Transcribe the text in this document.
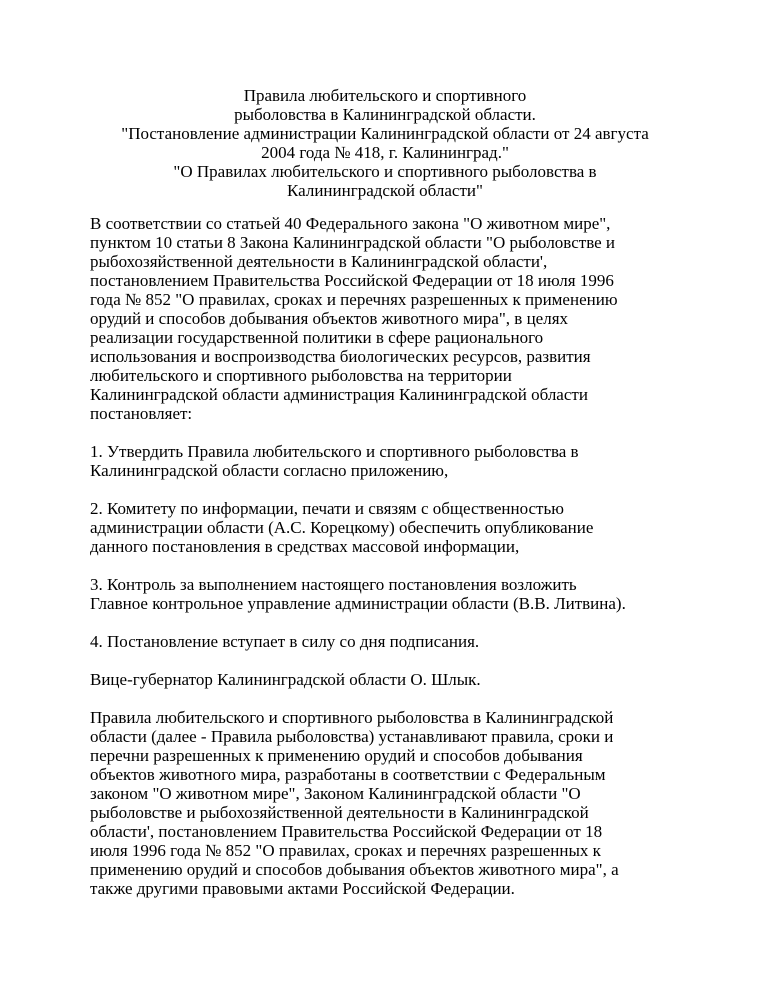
Правила любительского и спортивного
рыболовства в Калининградской области.
"Постановление администрации Калининградской области от 24 августа
2004 года № 418, г. Калининград."
"О Правилах любительского и спортивного рыболовства в
Калининградской области"

В соответствии со статьей 40 Федерального закона "О животном мире",
пунктом 10 статьи 8 Закона Калининградской области "О рыболовстве и
рыбохозяйственной деятельности в Калининградской области',
постановлением Правительства Российской Федерации от 18 июля 1996
года № 852 "О правилах, сроках и перечнях разрешенных к применению
орудий и способов добывания объектов животного мира", в целях
реализации государственной политики в сфере рационального
использования и воспроизводства биологических ресурсов, развития
любительского и спортивного рыболовства на территории
Калининградской области администрация Калининградской области
постановляет:

1. Утвердить Правила любительского и спортивного рыболовства в
Калининградской области согласно приложению,

2. Комитету по информации, печати и связям с общественностью
администрации области (А.С. Корецкому) обеспечить опубликование
данного постановления в средствах массовой информации,

3. Контроль за выполнением настоящего постановления возложить
Главное контрольное управление администрации области (В.В. Литвина).

4. Постановление вступает в силу со дня подписания.

Вице-губернатор Калининградской области О. Шлык.

Правила любительского и спортивного рыболовства в Калининградской
области (далее - Правила рыболовства) устанавливают правила, сроки и
перечни разрешенных к применению орудий и способов добывания
объектов животного мира, разработаны в соответствии с Федеральным
законом "О животном мире", Законом Калининградской области "О
рыболовстве и рыбохозяйственной деятельности в Калининградской
области', постановлением Правительства Российской Федерации от 18
июля 1996 года № 852 "О правилах, сроках и перечнях разрешенных к
применению орудий и способов добывания объектов животного мира", а
также другими правовыми актами Российской Федерации.
